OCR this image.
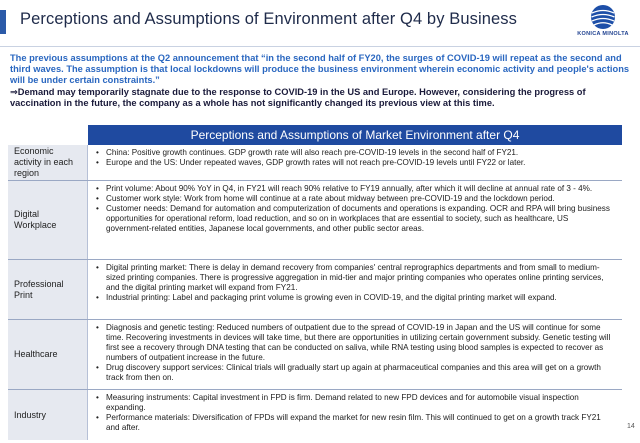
Perceptions and Assumptions of Environment after Q4 by Business
KONICA MINOLTA
The previous assumptions at the Q2 announcement that “in the second half of FY20, the surges of COVID-19 will repeat as the second and third waves. The assumption is that local lockdowns will produce the business environment wherein economic activity and people's actions will be under certain constraints.”
⇒Demand may temporarily stagnate due to the response to COVID-19 in the US and Europe. However, considering the progress of vaccination in the future, the company as a whole has not significantly changed its previous view at this time.
Perceptions and Assumptions of Market Environment after Q4
Economic activity in each region
• China: Positive growth continues. GDP growth rate will also reach pre-COVID-19 levels in the second half of FY21.
• Europe and the US: Under repeated waves, GDP growth rates will not reach pre-COVID-19 levels until FY22 or later.
Digital Workplace
• Print volume: About 90% YoY in Q4, in FY21 will reach 90% relative to FY19 annually, after which it will decline at annual rate of 3 - 4%.
• Customer work style: Work from home will continue at a rate about midway between pre-COVID-19 and the lockdown period.
• Customer needs: Demand for automation and computerization of documents and operations is expanding. OCR and RPA will bring business opportunities for operational reform, load reduction, and so on in workplaces that are essential to society, such as healthcare, US government-related entities, Japanese local governments, and other public sector areas.
Professional Print
• Digital printing market: There is delay in demand recovery from companies' central reprographics departments and from small to medium-sized printing companies. There is progressive aggregation in mid-tier and major printing companies who operates online printing services, and the digital printing market will expand from FY21.
• Industrial printing: Label and packaging print volume is growing even in COVID-19, and the digital printing market will expand.
Healthcare
• Diagnosis and genetic testing: Reduced numbers of outpatient due to the spread of COVID-19 in Japan and the US will continue for some time. Recovering investments in devices will take time, but there are opportunities in utilizing certain government subsidy. Genetic testing will first see a recovery through DNA testing that can be conducted on saliva, while RNA testing using blood samples is expected to recover as numbers of outpatient increase in the future.
• Drug discovery support services: Clinical trials will gradually start up again at pharmaceutical companies and this area will get on a growth track from then on.
Industry
• Measuring instruments: Capital investment in FPD is firm. Demand related to new FPD devices and for automobile visual inspection expanding.
• Performance materials: Diversification of FPDs will expand the market for new resin film. This will continued to get on a growth track FY21 and after.	14
